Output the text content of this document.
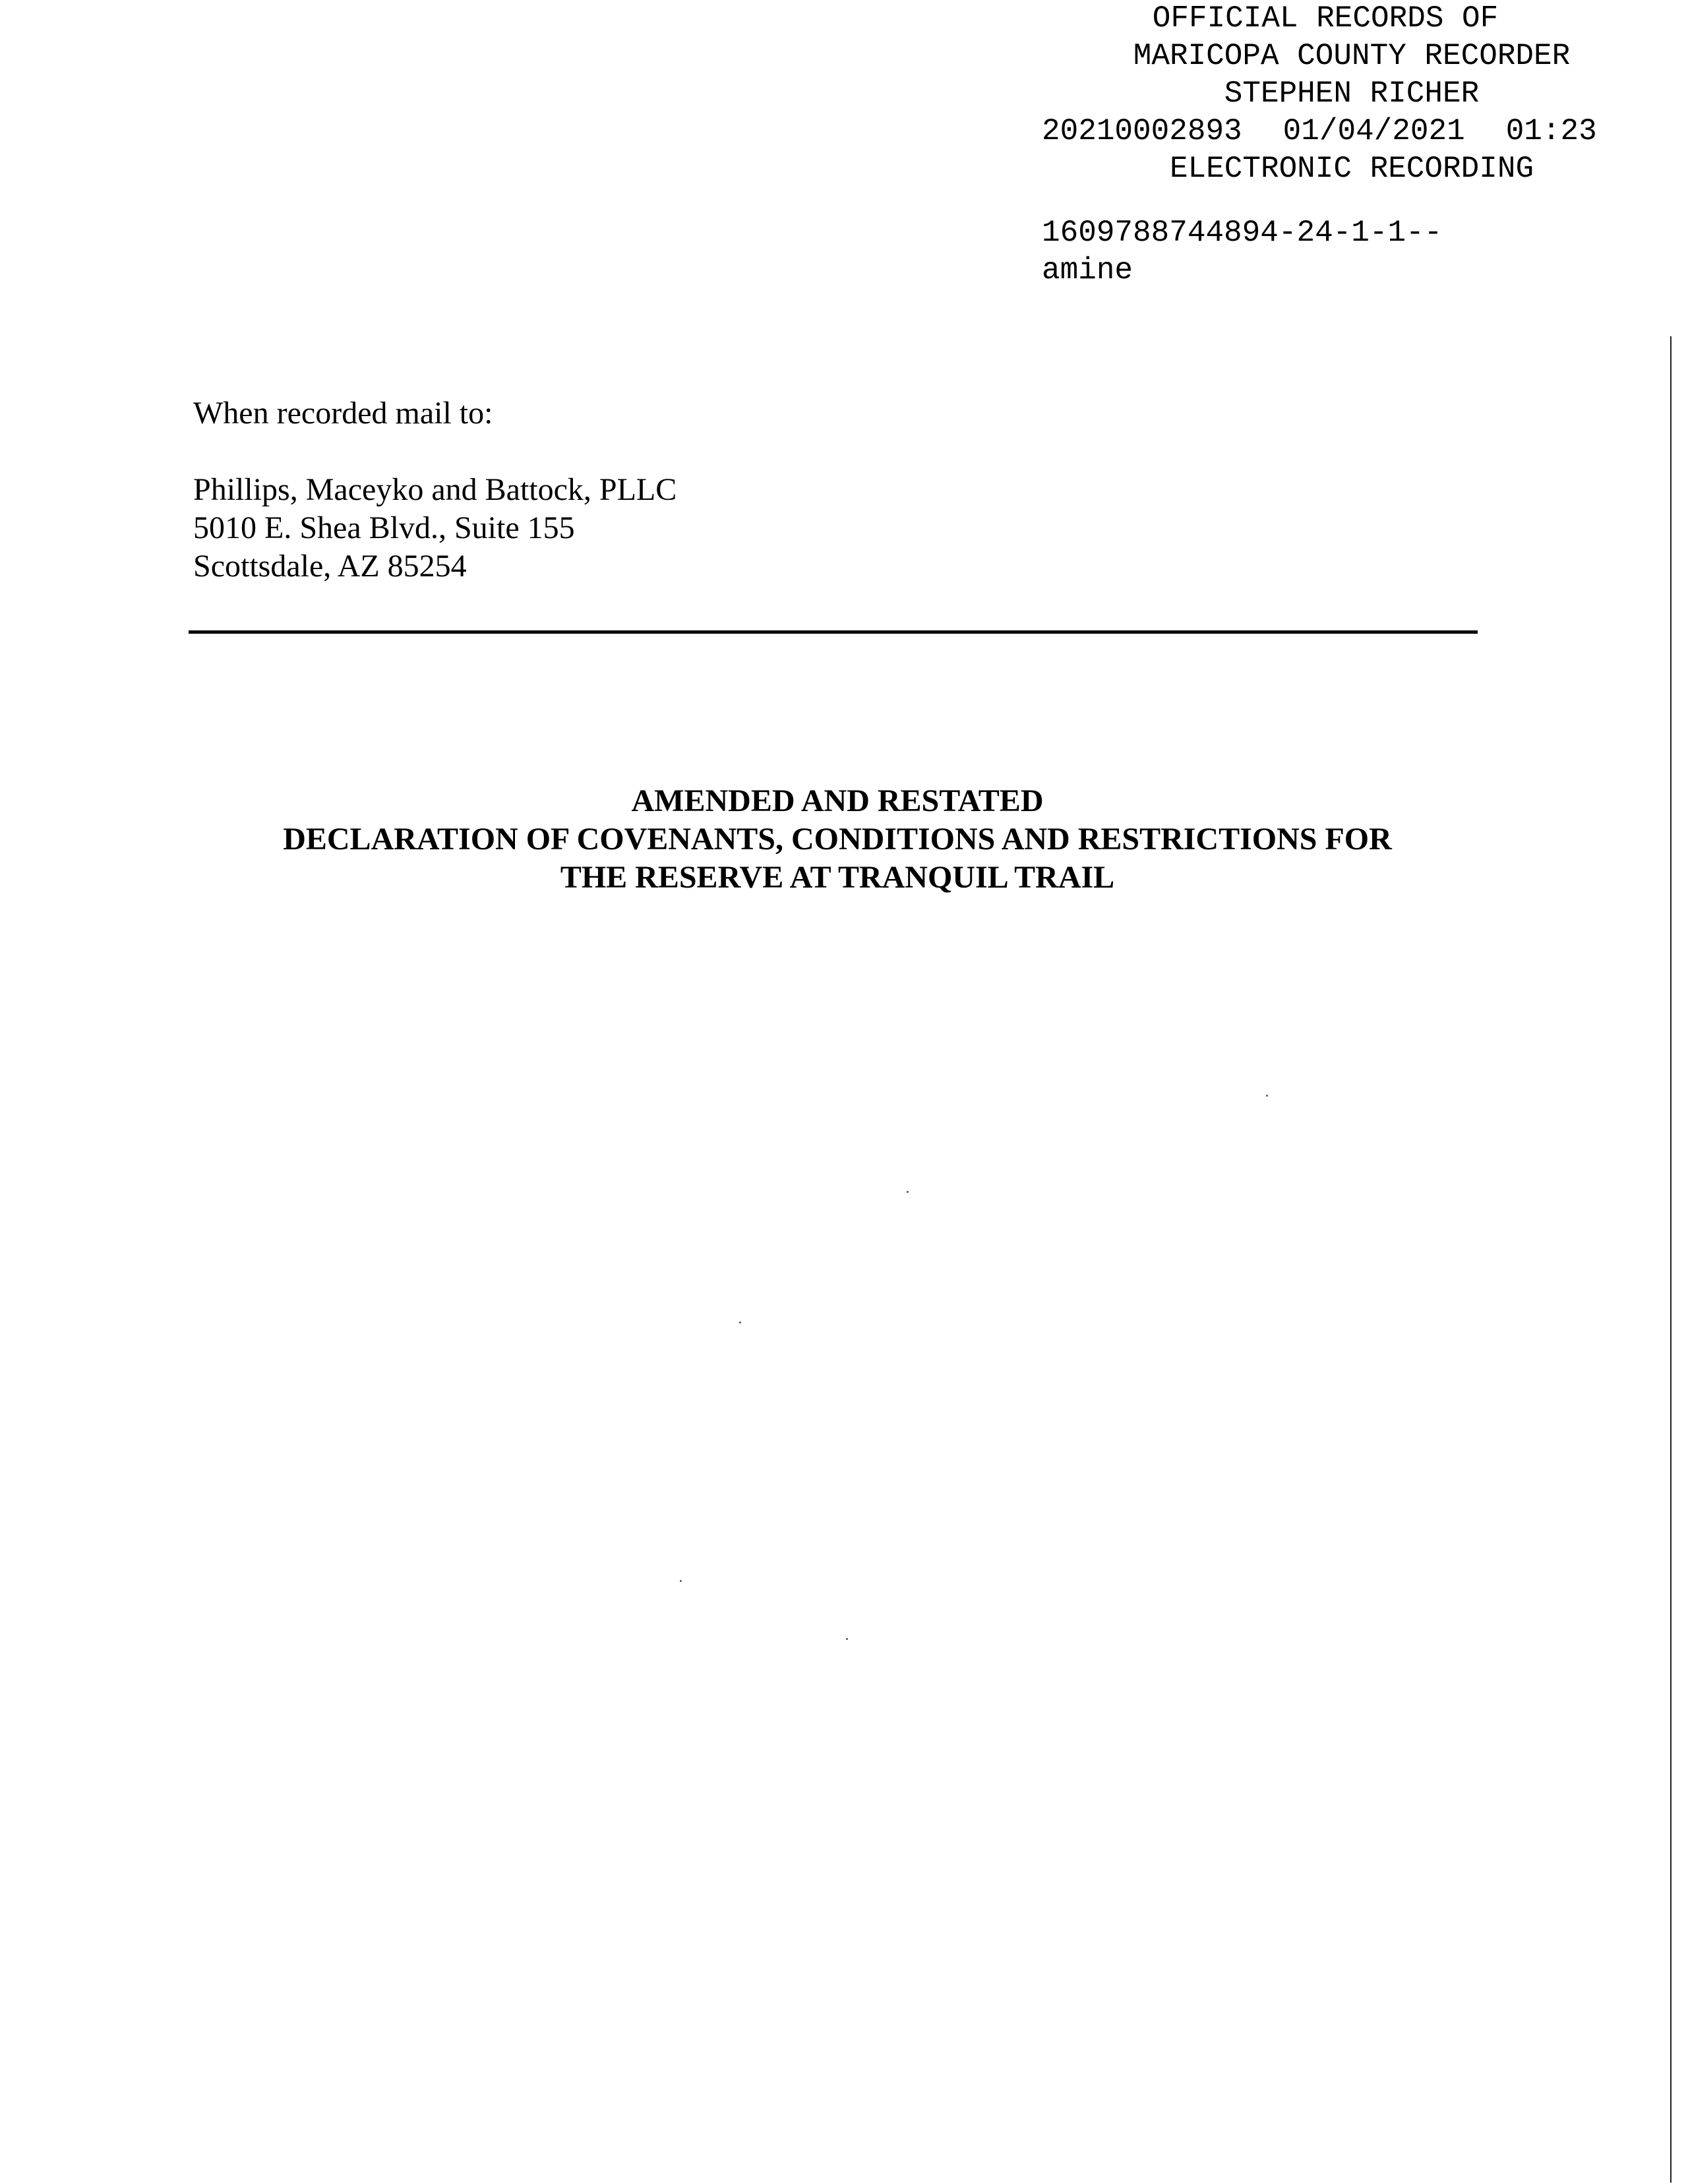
OFFICIAL RECORDS OF
MARICOPA COUNTY RECORDER
STEPHEN RICHER
20210002893 01/04/2021 01:23
ELECTRONIC RECORDING
1609788744894-24-1-1--
amine
When recorded mail to:
Phillips, Maceyko and Battock, PLLC
5010 E. Shea Blvd., Suite 155
Scottsdale, AZ 85254
AMENDED AND RESTATED
DECLARATION OF COVENANTS, CONDITIONS AND RESTRICTIONS FOR
THE RESERVE AT TRANQUIL TRAIL
